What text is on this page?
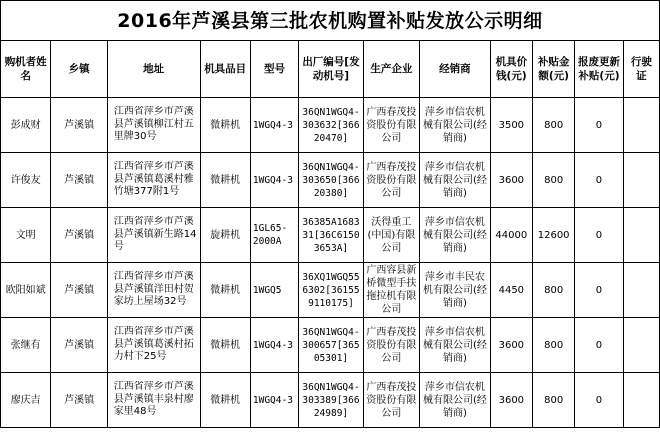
2016年芦溪县第三批农机购置补贴发放公示明细
购机者姓名	乡镇	地址	机具品目	型号	出厂编号[发动机号]	生产企业	经销商	机具价钱(元)	补贴金额(元)	报废更新补贴(元)	行驶证

彭成财	芦溪镇	江西省萍乡市芦溪县芦溪镇柳江村五里牌30号	微耕机	1WGQ4-3	36QN1WGQ4-303632[36620470]	广西春茂投资股份有限公司	萍乡市信农机械有限公司(经销商)	3500	800	0	

许俊友	芦溪镇	江西省萍乡市芦溪县芦溪镇葛溪村雅竹塘377附1号	微耕机	1WGQ4-3	36QN1WGQ4-303650[36620380]	广西春茂投资股份有限公司	萍乡市信农机械有限公司(经销商)	3600	800	0	

文明	芦溪镇	江西省萍乡市芦溪县芦溪镇新生路14号	旋耕机	1GL65-2000A	36385A168331[36C61503653A]	沃得重工(中国)有限公司	萍乡市信农机械有限公司(经销商)	44000	12600	0	

欧阳如斌	芦溪镇	江西省萍乡市芦溪县芦溪镇洋田村贺家坊上屋场32号	微耕机	1WGQ5	36XQ1WGQ556302[361559110175]	广西容县新桥微型手扶拖拉机有限公司	萍乡市丰民农机有限公司(经销商)	4450	800	0	

张继有	芦溪镇	江西省萍乡市芦溪县芦溪镇葛溪村拓力村下25号	微耕机	1WGQ4-3	36QN1WGQ4-300657[36505301]	广西春茂投资股份有限公司	萍乡市信农机械有限公司(经销商)	3600	800	0	

廖庆吉	芦溪镇	江西省萍乡市芦溪县芦溪镇丰泉村廖家里48号	微耕机	1WGQ4-3	36QN1WGQ4-303389[36624989]	广西春茂投资股份有限公司	萍乡市信农机械有限公司(经销商)	3600	800	0	
